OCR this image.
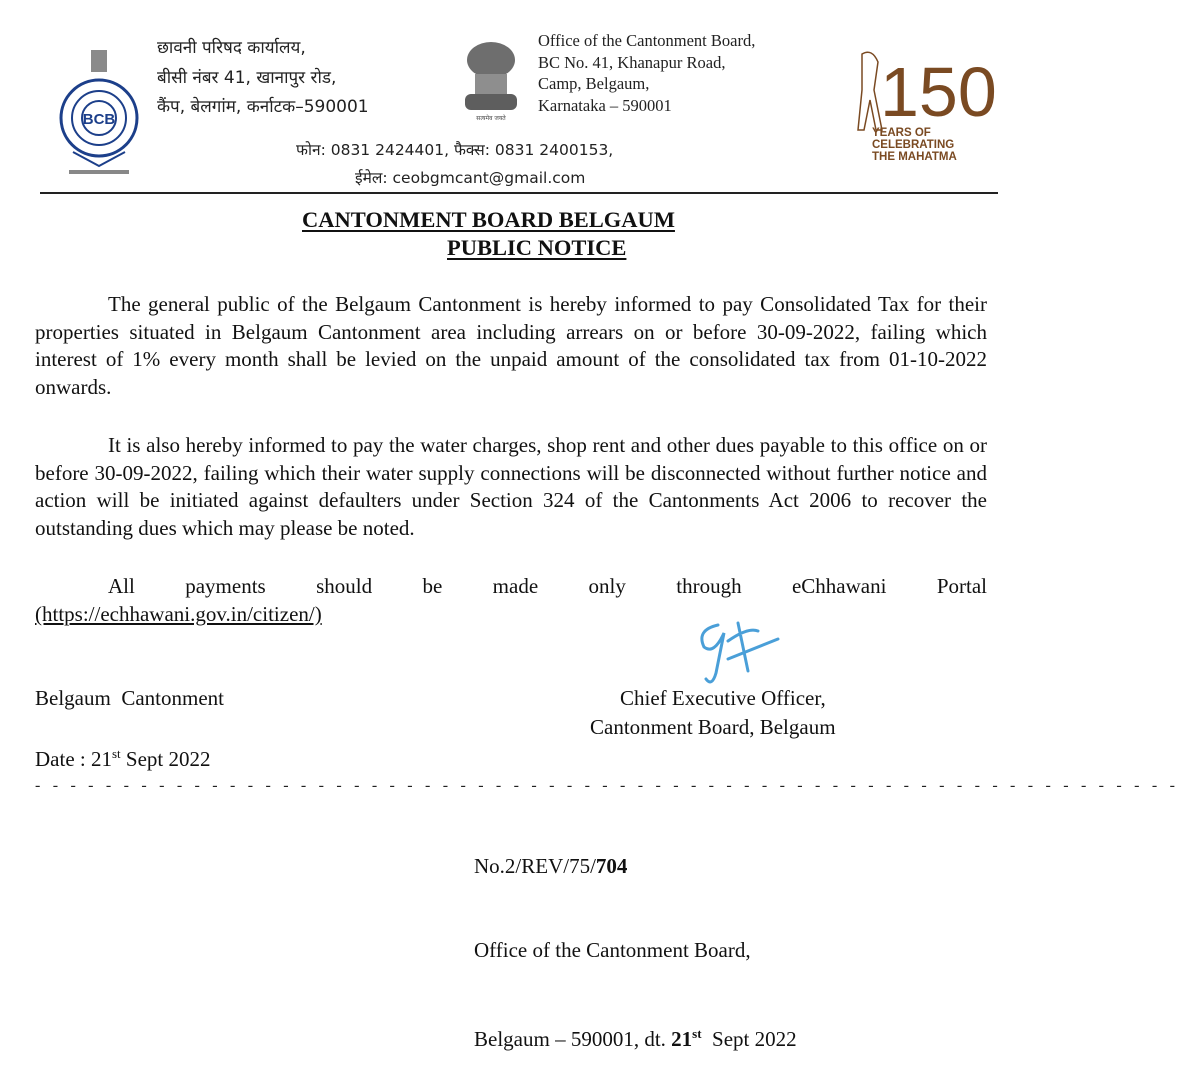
BCB
छावनी परिषद कार्यालय,
बीसी नंबर 41, खानापुर रोड,
कैंप, बेलगांम, कर्नाटक–590001
सत्यमेव जयते
Office of the Cantonment Board,
BC No. 41, Khanapur Road,
Camp, Belgaum,
Karnataka – 590001
फोन: 0831 2424401, फैक्स: 0831 2400153,
ईमेल: ceobgmcant@gmail.com
150
YEARS OF
CELEBRATING
THE MAHATMA
CANTONMENT BOARD BELGAUM
PUBLIC NOTICE
The general public of the Belgaum Cantonment is hereby informed to pay Consolidated Tax for their properties situated in Belgaum Cantonment area including arrears on or before 30-09-2022, failing which interest of 1% every month shall be levied on the unpaid amount of the consolidated tax from 01-10-2022 onwards.
It is also hereby informed to pay the water charges, shop rent and other dues payable to this office on or before 30-09-2022, failing which their water supply connections will be disconnected without further notice and action will be initiated against defaulters under Section 324 of the Cantonments Act 2006 to recover the outstanding dues which may please be noted.
All payments should be made only through eChhawani Portal
(https://echhawani.gov.in/citizen/)
Belgaum  Cantonment	Chief Executive Officer,
Cantonment Board, Belgaum
Date : 21st Sept 2022
- - - - - - - - - - - - - - - - - - - - - - - - - - - - - - - - - - - - - - - - - - - - - - - - - - - - - - - - - - - - - - - - -

No.2/REV/75/704

Office of the Cantonment Board,

Belgaum – 590001, dt. 21st  Sept 2022
